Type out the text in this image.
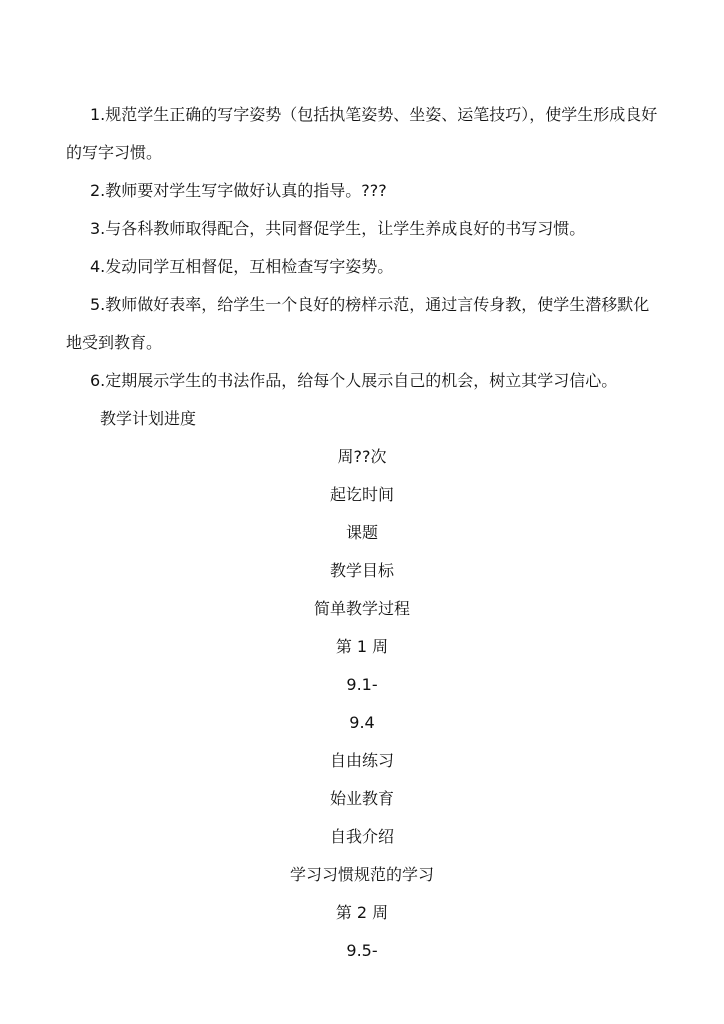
1.规范学生正确的写字姿势（包括执笔姿势、坐姿、运笔技巧），使学生形成良好的写字习惯。

2.教师要对学生写字做好认真的指导。???

3.与各科教师取得配合，共同督促学生，让学生养成良好的书写习惯。

4.发动同学互相督促，互相检查写字姿势。

5.教师做好表率，给学生一个良好的榜样示范，通过言传身教，使学生潜移默化地受到教育。

6.定期展示学生的书法作品，给每个人展示自己的机会，树立其学习信心。

教学计划进度

周??次

起讫时间

课题

教学目标

简单教学过程

第 1 周

9.1-

9.4

自由练习

始业教育

自我介绍

学习习惯规范的学习

第 2 周

9.5-
